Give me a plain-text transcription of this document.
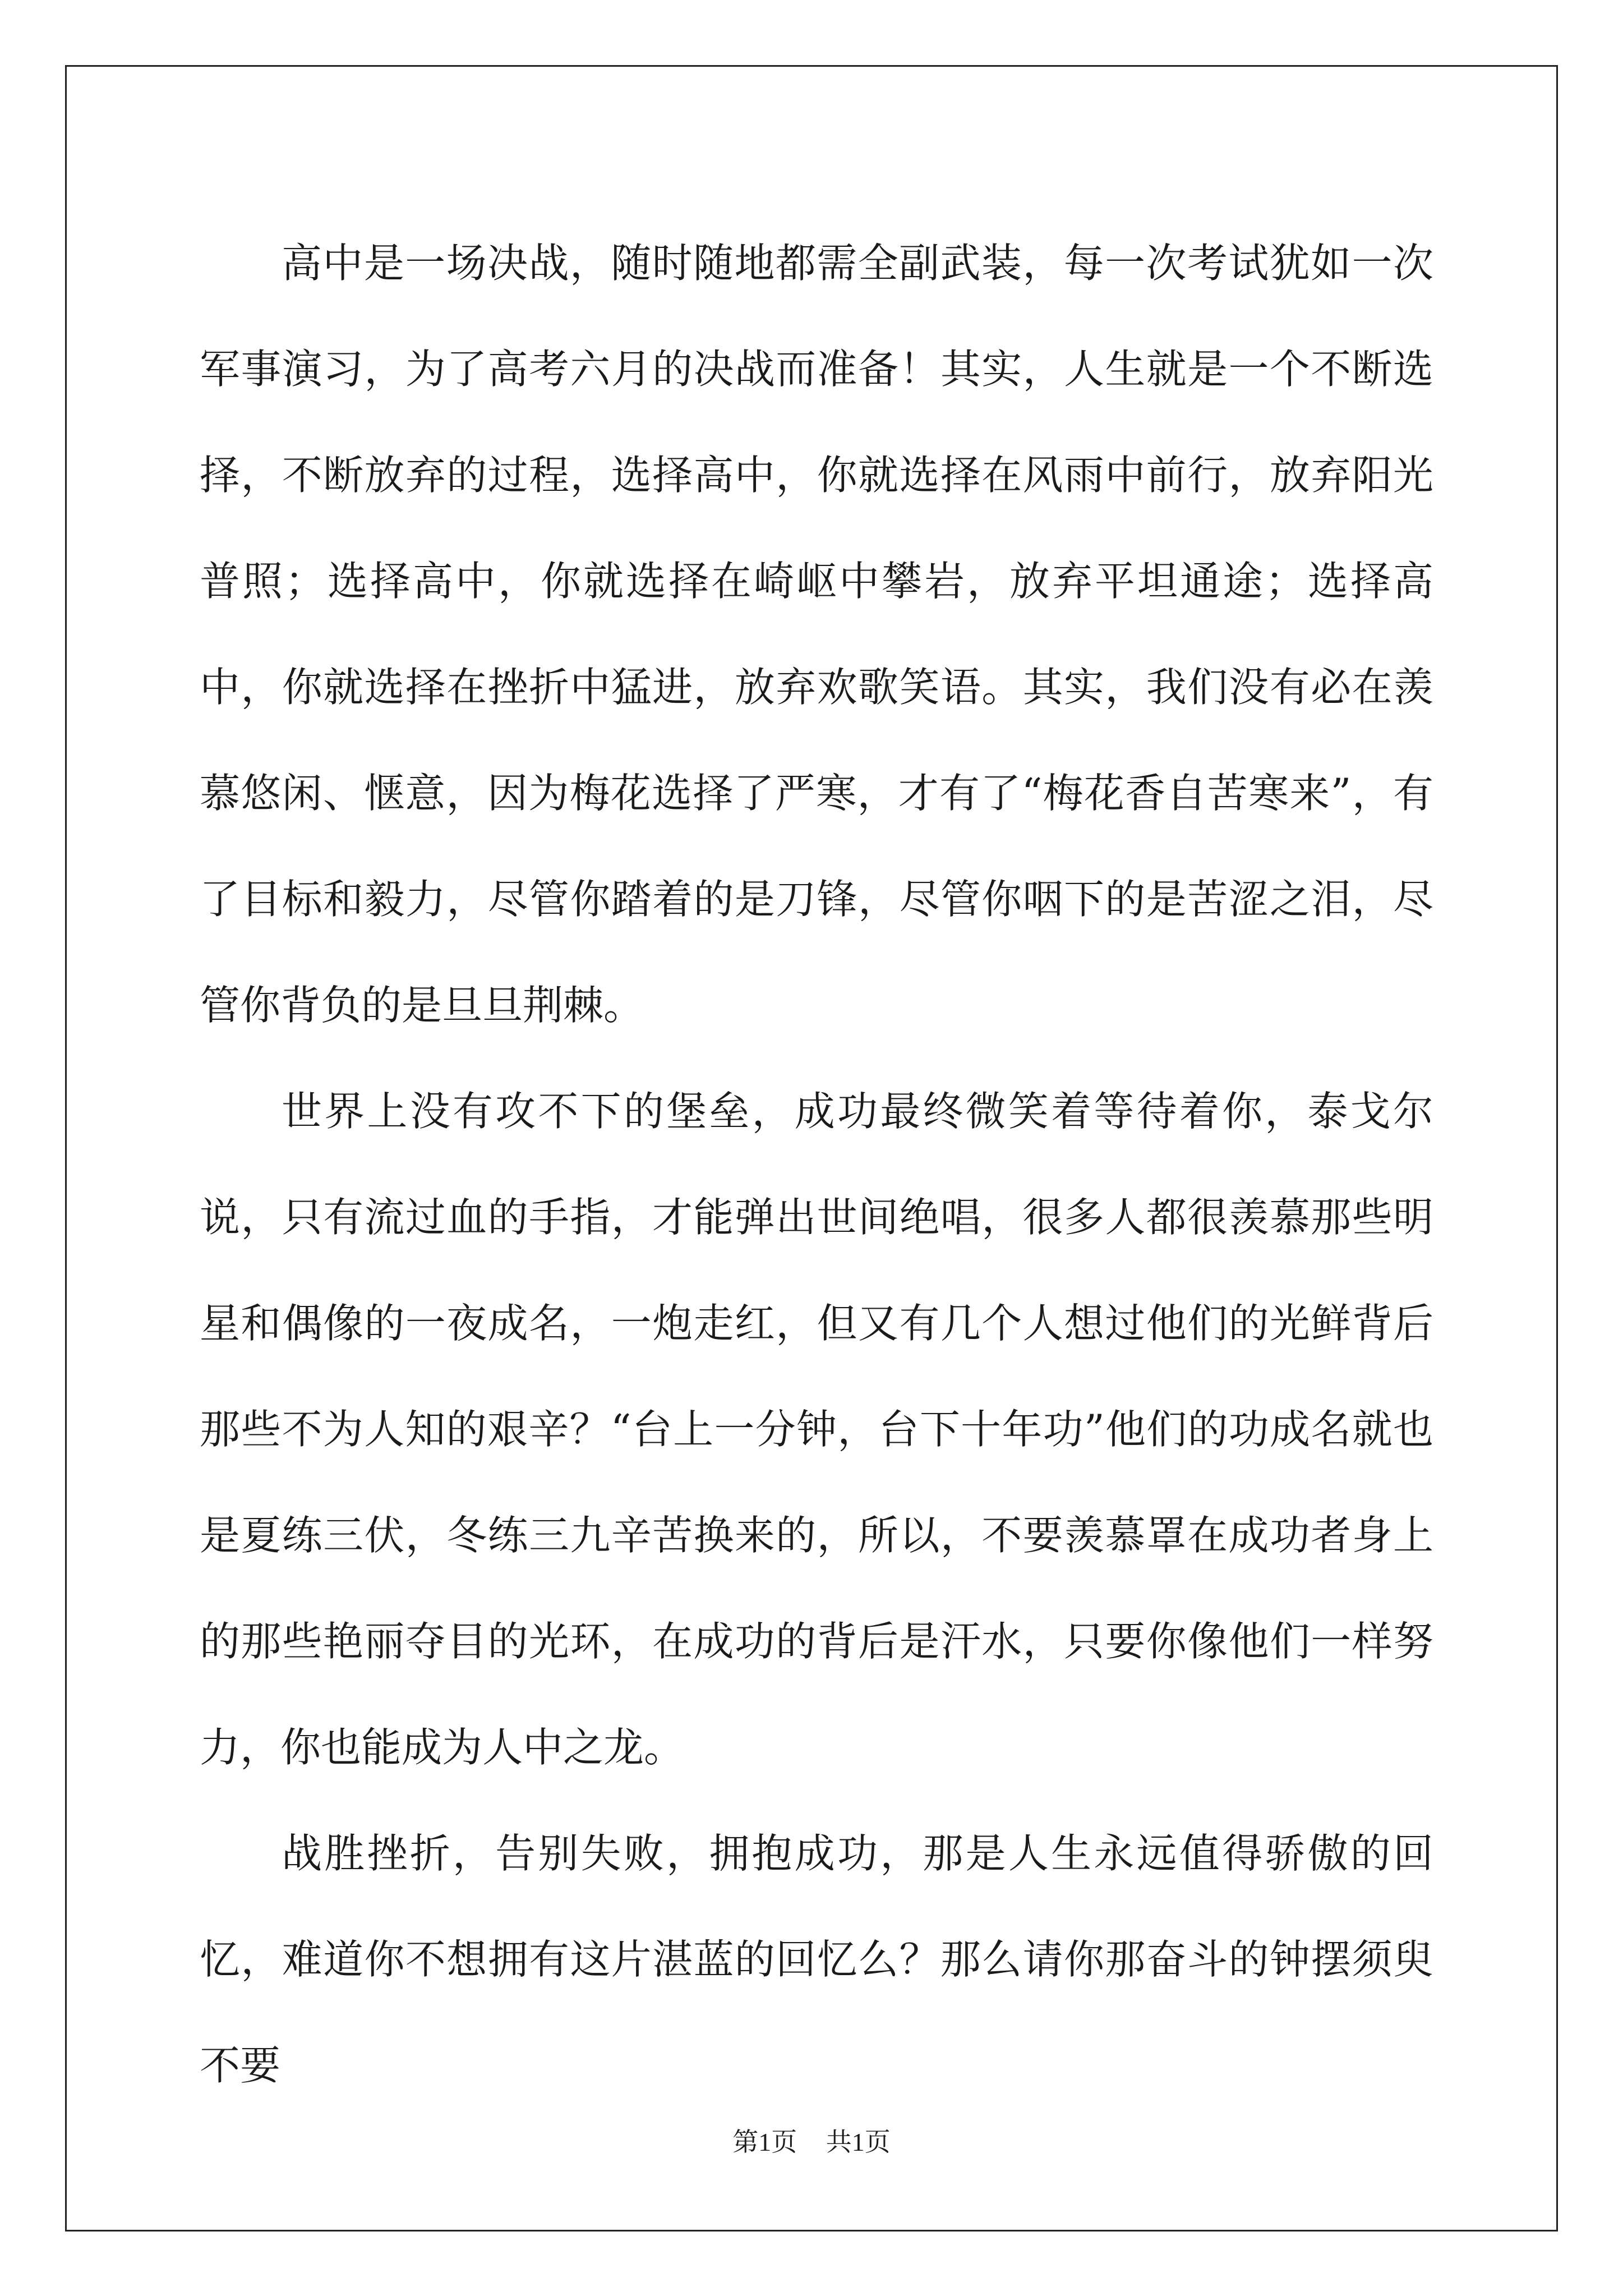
高中是一场决战，随时随地都需全副武装，每一次考试犹如一次军事演习，为了高考六月的决战而准备！其实，人生就是一个不断选择，不断放弃的过程，选择高中，你就选择在风雨中前行，放弃阳光普照；选择高中，你就选择在崎岖中攀岩，放弃平坦通途；选择高中，你就选择在挫折中猛进，放弃欢歌笑语。其实，我们没有必在羡慕悠闲、惬意，因为梅花选择了严寒，才有了“梅花香自苦寒来”，有了目标和毅力，尽管你踏着的是刀锋，尽管你咽下的是苦涩之泪，尽管你背负的是旦旦荆棘。

世界上没有攻不下的堡垒，成功最终微笑着等待着你，泰戈尔说，只有流过血的手指，才能弹出世间绝唱，很多人都很羡慕那些明星和偶像的一夜成名，一炮走红，但又有几个人想过他们的光鲜背后那些不为人知的艰辛？“台上一分钟，台下十年功”他们的功成名就也是夏练三伏，冬练三九辛苦换来的，所以，不要羡慕罩在成功者身上的那些艳丽夺目的光环，在成功的背后是汗水，只要你像他们一样努力，你也能成为人中之龙。

战胜挫折，告别失败，拥抱成功，那是人生永远值得骄傲的回忆，难道你不想拥有这片湛蓝的回忆么？那么请你那奋斗的钟摆须臾不要

第1页 共1页
